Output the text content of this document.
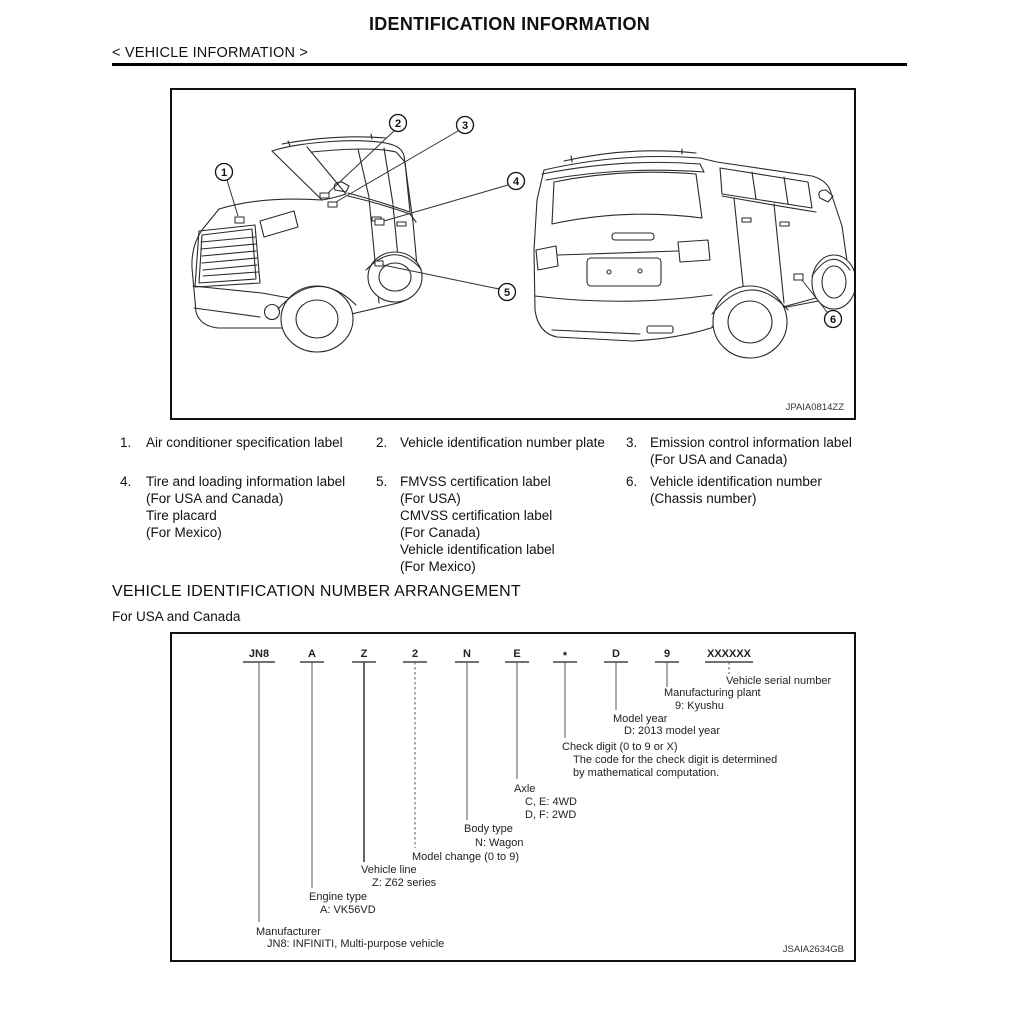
IDENTIFICATION INFORMATION
< VEHICLE INFORMATION >
1
2	3
4
5
6
JPAIA0814ZZ
1.	Air conditioner specification label
4.	Tire and loading information label
(For USA and Canada)
Tire placard
(For Mexico)
2. Vehicle identification number plate
5. FMVSS certification label
(For USA)
CMVSS certification label
(For Canada)
Vehicle identification label
(For Mexico)
3. Emission control information label
(For USA and Canada)
6. Vehicle identification number
(Chassis number)
VEHICLE IDENTIFICATION NUMBER ARRANGEMENT
For USA and Canada
JN8	A	Z	2	N	E	*	D	9	XXXXXX
Vehicle serial number
Manufacturing plant
9: Kyushu
Model year
D: 2013 model year
Check digit (0 to 9 or X)
The code for the check digit is determined
by mathematical computation.
Axle
C, E: 4WD
D, F: 2WD
Body type
N: Wagon
Model change (0 to 9)
Vehicle line
Z: Z62 series
Engine type
A: VK56VD
Manufacturer
JN8: INFINITI, Multi-purpose vehicle	JSAIA2634GB
